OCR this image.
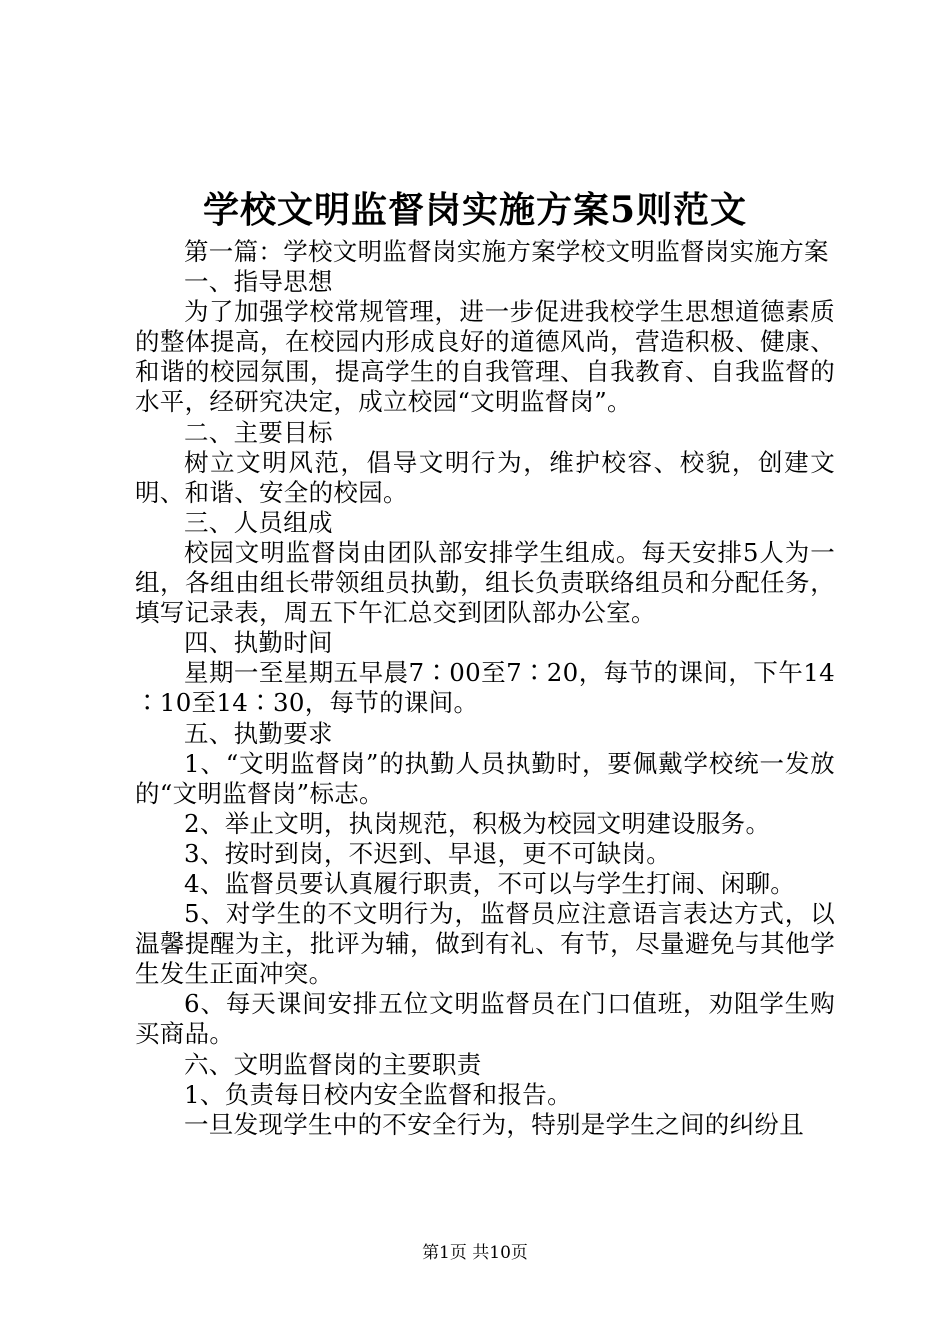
学校文明监督岗实施方案5则范文

第一篇：学校文明监督岗实施方案学校文明监督岗实施方案

一、指导思想

为了加强学校常规管理，进一步促进我校学生思想道德素质的整体提高，在校园内形成良好的道德风尚，营造积极、健康、和谐的校园氛围，提高学生的自我管理、自我教育、自我监督的水平，经研究决定，成立校园“文明监督岗”。

二、主要目标

树立文明风范，倡导文明行为，维护校容、校貌，创建文明、和谐、安全的校园。

三、人员组成

校园文明监督岗由团队部安排学生组成。每天安排5人为一组，各组由组长带领组员执勤，组长负责联络组员和分配任务，填写记录表，周五下午汇总交到团队部办公室。

四、执勤时间

星期一至星期五早晨7∶00至7∶20，每节的课间，下午14∶10至14∶30，每节的课间。

五、执勤要求

1、“文明监督岗”的执勤人员执勤时，要佩戴学校统一发放的“文明监督岗”标志。

2、举止文明，执岗规范，积极为校园文明建设服务。

3、按时到岗，不迟到、早退，更不可缺岗。

4、监督员要认真履行职责，不可以与学生打闹、闲聊。

5、对学生的不文明行为，监督员应注意语言表达方式，以温馨提醒为主，批评为辅，做到有礼、有节，尽量避免与其他学生发生正面冲突。

6、每天课间安排五位文明监督员在门口值班，劝阻学生购买商品。

六、文明监督岗的主要职责

1、负责每日校内安全监督和报告。

一旦发现学生中的不安全行为，特别是学生之间的纠纷且

第1页 共10页
